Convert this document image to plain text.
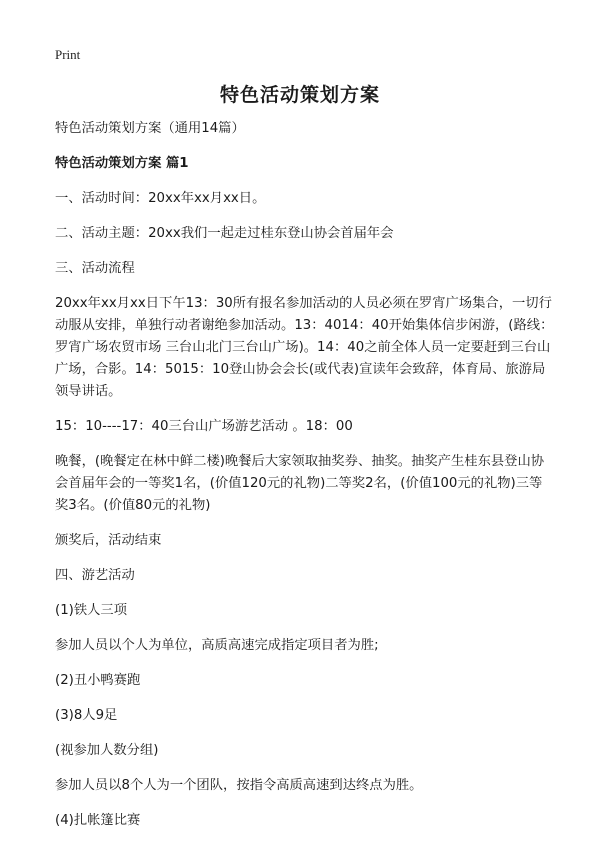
Print
特色活动策划方案

特色活动策划方案（通用14篇）

特色活动策划方案 篇1

一、活动时间：20xx年xx月xx日。

二、活动主题：20xx我们一起走过桂东登山协会首届年会

三、活动流程

20xx年xx月xx日下午13：30所有报名参加活动的人员必须在罗宵广场集合，一切行动服从安排，单独行动者谢绝参加活动。13：4014：40开始集体信步闲游，(路线：罗宵广场农贸市场 三台山北门三台山广场)。14：40之前全体人员一定要赶到三台山广场，合影。14：5015：10登山协会会长(或代表)宣读年会致辞，体育局、旅游局领导讲话。

15：10----17：40三台山广场游艺活动 。18：00

晚餐，(晚餐定在林中鲜二楼)晚餐后大家领取抽奖券、抽奖。抽奖产生桂东县登山协会首届年会的一等奖1名，(价值120元的礼物)二等奖2名，(价值100元的礼物)三等奖3名。(价值80元的礼物)

颁奖后，活动结束

四、游艺活动

(1)铁人三项

参加人员以个人为单位，高质高速完成指定项目者为胜;

(2)丑小鸭赛跑

(3)8人9足

(视参加人数分组)

参加人员以8个人为一个团队，按指令高质高速到达终点为胜。

(4)扎帐篷比赛
